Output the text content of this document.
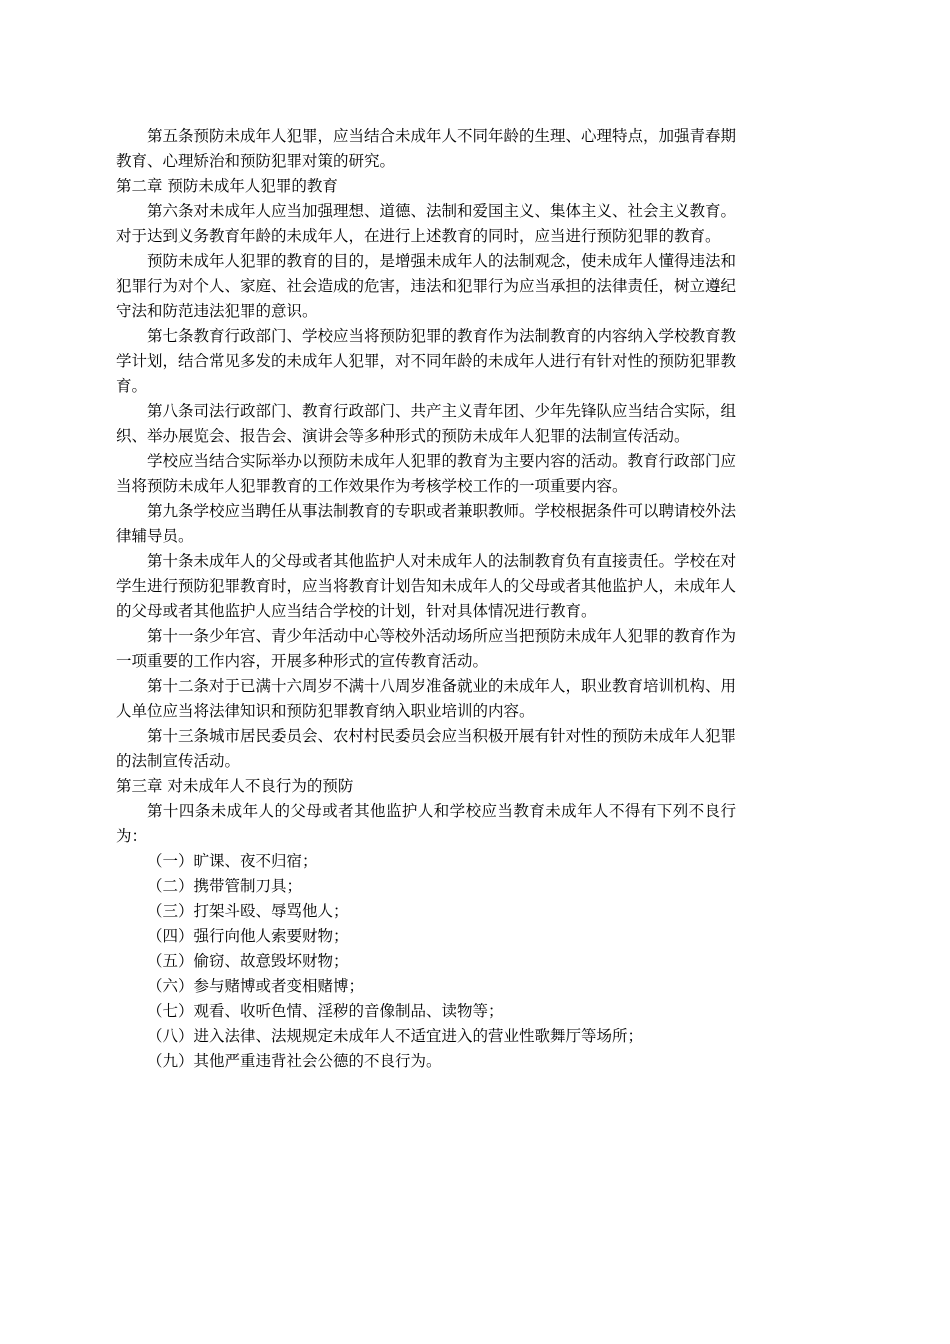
第五条预防未成年人犯罪，应当结合未成年人不同年龄的生理、心理特点，加强青春期教育、心理矫治和预防犯罪对策的研究。

第二章 预防未成年人犯罪的教育

第六条对未成年人应当加强理想、道德、法制和爱国主义、集体主义、社会主义教育。对于达到义务教育年龄的未成年人，在进行上述教育的同时，应当进行预防犯罪的教育。

预防未成年人犯罪的教育的目的，是增强未成年人的法制观念，使未成年人懂得违法和犯罪行为对个人、家庭、社会造成的危害，违法和犯罪行为应当承担的法律责任，树立遵纪守法和防范违法犯罪的意识。

第七条教育行政部门、学校应当将预防犯罪的教育作为法制教育的内容纳入学校教育教学计划，结合常见多发的未成年人犯罪，对不同年龄的未成年人进行有针对性的预防犯罪教育。

第八条司法行政部门、教育行政部门、共产主义青年团、少年先锋队应当结合实际，组织、举办展览会、报告会、演讲会等多种形式的预防未成年人犯罪的法制宣传活动。

学校应当结合实际举办以预防未成年人犯罪的教育为主要内容的活动。教育行政部门应当将预防未成年人犯罪教育的工作效果作为考核学校工作的一项重要内容。

第九条学校应当聘任从事法制教育的专职或者兼职教师。学校根据条件可以聘请校外法律辅导员。

第十条未成年人的父母或者其他监护人对未成年人的法制教育负有直接责任。学校在对学生进行预防犯罪教育时，应当将教育计划告知未成年人的父母或者其他监护人，未成年人的父母或者其他监护人应当结合学校的计划，针对具体情况进行教育。

第十一条少年宫、青少年活动中心等校外活动场所应当把预防未成年人犯罪的教育作为一项重要的工作内容，开展多种形式的宣传教育活动。

第十二条对于已满十六周岁不满十八周岁准备就业的未成年人，职业教育培训机构、用人单位应当将法律知识和预防犯罪教育纳入职业培训的内容。

第十三条城市居民委员会、农村村民委员会应当积极开展有针对性的预防未成年人犯罪的法制宣传活动。

第三章 对未成年人不良行为的预防

第十四条未成年人的父母或者其他监护人和学校应当教育未成年人不得有下列不良行为：

（一）旷课、夜不归宿；

（二）携带管制刀具；

（三）打架斗殴、辱骂他人；

（四）强行向他人索要财物；

（五）偷窃、故意毁坏财物；

（六）参与赌博或者变相赌博；

（七）观看、收听色情、淫秽的音像制品、读物等；

（八）进入法律、法规规定未成年人不适宜进入的营业性歌舞厅等场所；

（九）其他严重违背社会公德的不良行为。
